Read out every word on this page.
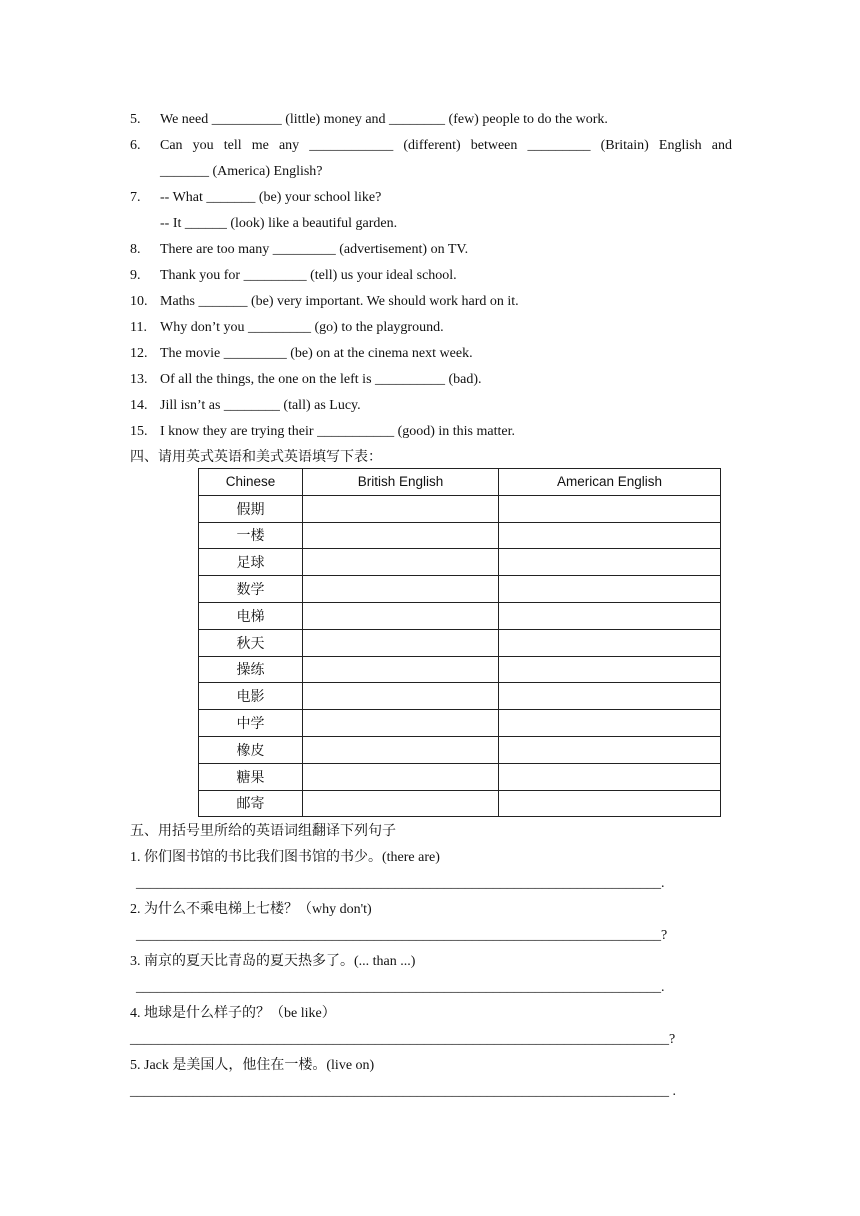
5. We need __________ (little) money and ________ (few) people to do the work.
6. Can you tell me any ____________ (different) between _________ (Britain) English and
_______ (America) English?
7. -- What _______ (be) your school like?
-- It ______ (look) like a beautiful garden.
8. There are too many _________ (advertisement) on TV.
9. Thank you for _________ (tell) us your ideal school.
10. Maths _______ (be) very important. We should work hard on it.
11. Why don’t you _________ (go) to the playground.
12. The movie _________ (be) on at the cinema next week.
13. Of all the things, the one on the left is __________ (bad).
14. Jill isn’t as ________ (tall) as Lucy.
15. I know they are trying their ___________ (good) in this matter.
四、请用英式英语和美式英语填写下表：
Chinese	British English	American English
假期		
一楼		
足球		
数学		
电梯		
秋天		
操练		
电影		
中学		
橡皮		
糖果		
邮寄		
五、用括号里所给的英语词组翻译下列句子
1. 你们图书馆的书比我们图书馆的书少。(there are)
___________________________________________________________________________.
2. 为什么不乘电梯上七楼？（why don't)
___________________________________________________________________________?
3. 南京的夏天比青岛的夏天热多了。(... than ...)
___________________________________________________________________________.
4. 地球是什么样子的？（be like）
_____________________________________________________________________________?
5. Jack 是美国人，他住在一楼。(live on)
_____________________________________________________________________________ .
